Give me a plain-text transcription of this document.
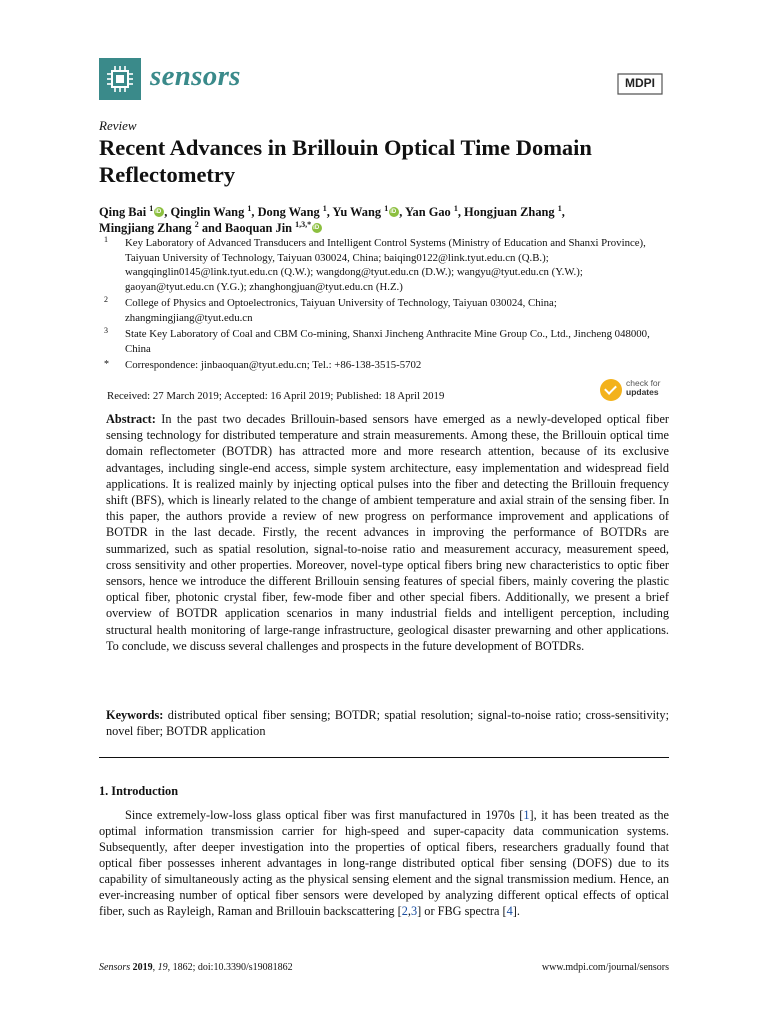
sensors	MDPI
Review
Recent Advances in Brillouin Optical Time Domain Reflectometry
Qing Bai $^1$ iD , Qinglin Wang $^1$, Dong Wang $^1$, Yu Wang $^1$ iD , Yan Gao $^1$, Hongjuan Zhang $^1$,
Mingjiang Zhang $^2$ and Baoquan Jin $^{1,3,*}$iD
1 Key Laboratory of Advanced Transducers and Intelligent Control Systems (Ministry of Education and Shanxi Province), Taiyuan University of Technology, Taiyuan 030024, China; baiqing0122@link.tyut.edu.cn (Q.B.); wangqinglin0145@link.tyut.edu.cn (Q.W.); wangdong@tyut.edu.cn (D.W.); wangyu@tyut.edu.cn (Y.W.); gaoyan@tyut.edu.cn (Y.G.); zhanghongjuan@tyut.edu.cn (H.Z.)
2 College of Physics and Optoelectronics, Taiyuan University of Technology, Taiyuan 030024, China; zhangmingjiang@tyut.edu.cn
3 State Key Laboratory of Coal and CBM Co-mining, Shanxi Jincheng Anthracite Mine Group Co., Ltd., Jincheng 048000, China
* Correspondence: jinbaoquan@tyut.edu.cn; Tel.: +86-138-3515-5702
Received: 27 March 2019; Accepted: 16 April 2019; Published: 18 April 2019
check for
updates
Abstract: In the past two decades Brillouin-based sensors have emerged as a newly-developed optical fiber sensing technology for distributed temperature and strain measurements. Among these, the Brillouin optical time domain reflectometer (BOTDR) has attracted more and more research attention, because of its exclusive advantages, including single-end access, simple system architecture, easy implementation and widespread field applications. It is realized mainly by injecting optical pulses into the fiber and detecting the Brillouin frequency shift (BFS), which is linearly related to the change of ambient temperature and axial strain of the sensing fiber. In this paper, the authors provide a review of new progress on performance improvement and applications of BOTDR in the last decade. Firstly, the recent advances in improving the performance of BOTDRs are summarized, such as spatial resolution, signal-to-noise ratio and measurement accuracy, measurement speed, cross sensitivity and other properties. Moreover, novel-type optical fibers bring new characteristics to optic fiber sensors, hence we introduce the different Brillouin sensing features of special fibers, mainly covering the plastic optical fiber, photonic crystal fiber, few-mode fiber and other special fibers. Additionally, we present a brief overview of BOTDR application scenarios in many industrial fields and intelligent perception, including structural health monitoring of large-range infrastructure, geological disaster prewarning and other applications. To conclude, we discuss several challenges and prospects in the future development of BOTDRs.
Keywords: distributed optical fiber sensing; BOTDR; spatial resolution; signal-to-noise ratio; cross-sensitivity; novel fiber; BOTDR application
1. Introduction
Since extremely-low-loss glass optical fiber was first manufactured in 1970s [1], it has been treated as the optimal information transmission carrier for high-speed and super-capacity data communication systems. Subsequently, after deeper investigation into the properties of optical fibers, researchers gradually found that optical fiber possesses inherent advantages in long-range distributed optical fiber sensing (DOFS) due to its capability of simultaneously acting as the physical sensing element and the signal transmission medium. Hence, an ever-increasing number of optical fiber sensors were developed by analyzing different optical effects of optical fiber, such as Rayleigh, Raman and Brillouin backscattering [2,3] or FBG spectra [4].
Sensors 2019, 19, 1862; doi:10.3390/s19081862	www.mdpi.com/journal/sensors
